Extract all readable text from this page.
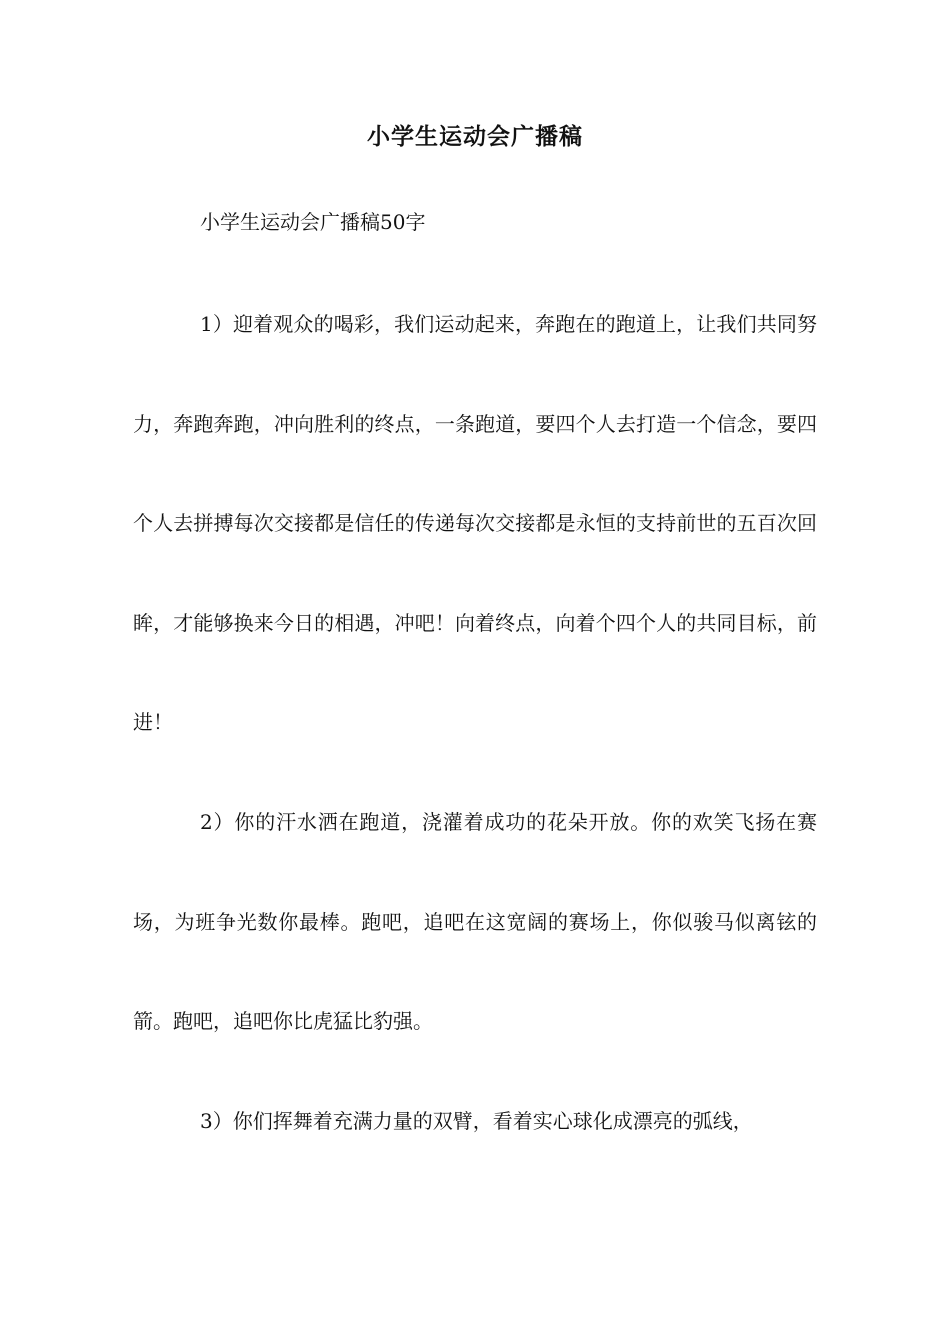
小学生运动会广播稿
小学生运动会广播稿50字

1）迎着观众的喝彩，我们运动起来，奔跑在的跑道上，让我们共同努力，奔跑奔跑，冲向胜利的终点，一条跑道，要四个人去打造一个信念，要四个人去拼搏每次交接都是信任的传递每次交接都是永恒的支持前世的五百次回眸，才能够换来今日的相遇，冲吧！向着终点，向着个四个人的共同目标，前进！

2）你的汗水洒在跑道，浇灌着成功的花朵开放。你的欢笑飞扬在赛场，为班争光数你最棒。跑吧，追吧在这宽阔的赛场上，你似骏马似离铉的箭。跑吧，追吧你比虎猛比豹强。

3）你们挥舞着充满力量的双臂，看着实心球化成漂亮的弧线，
